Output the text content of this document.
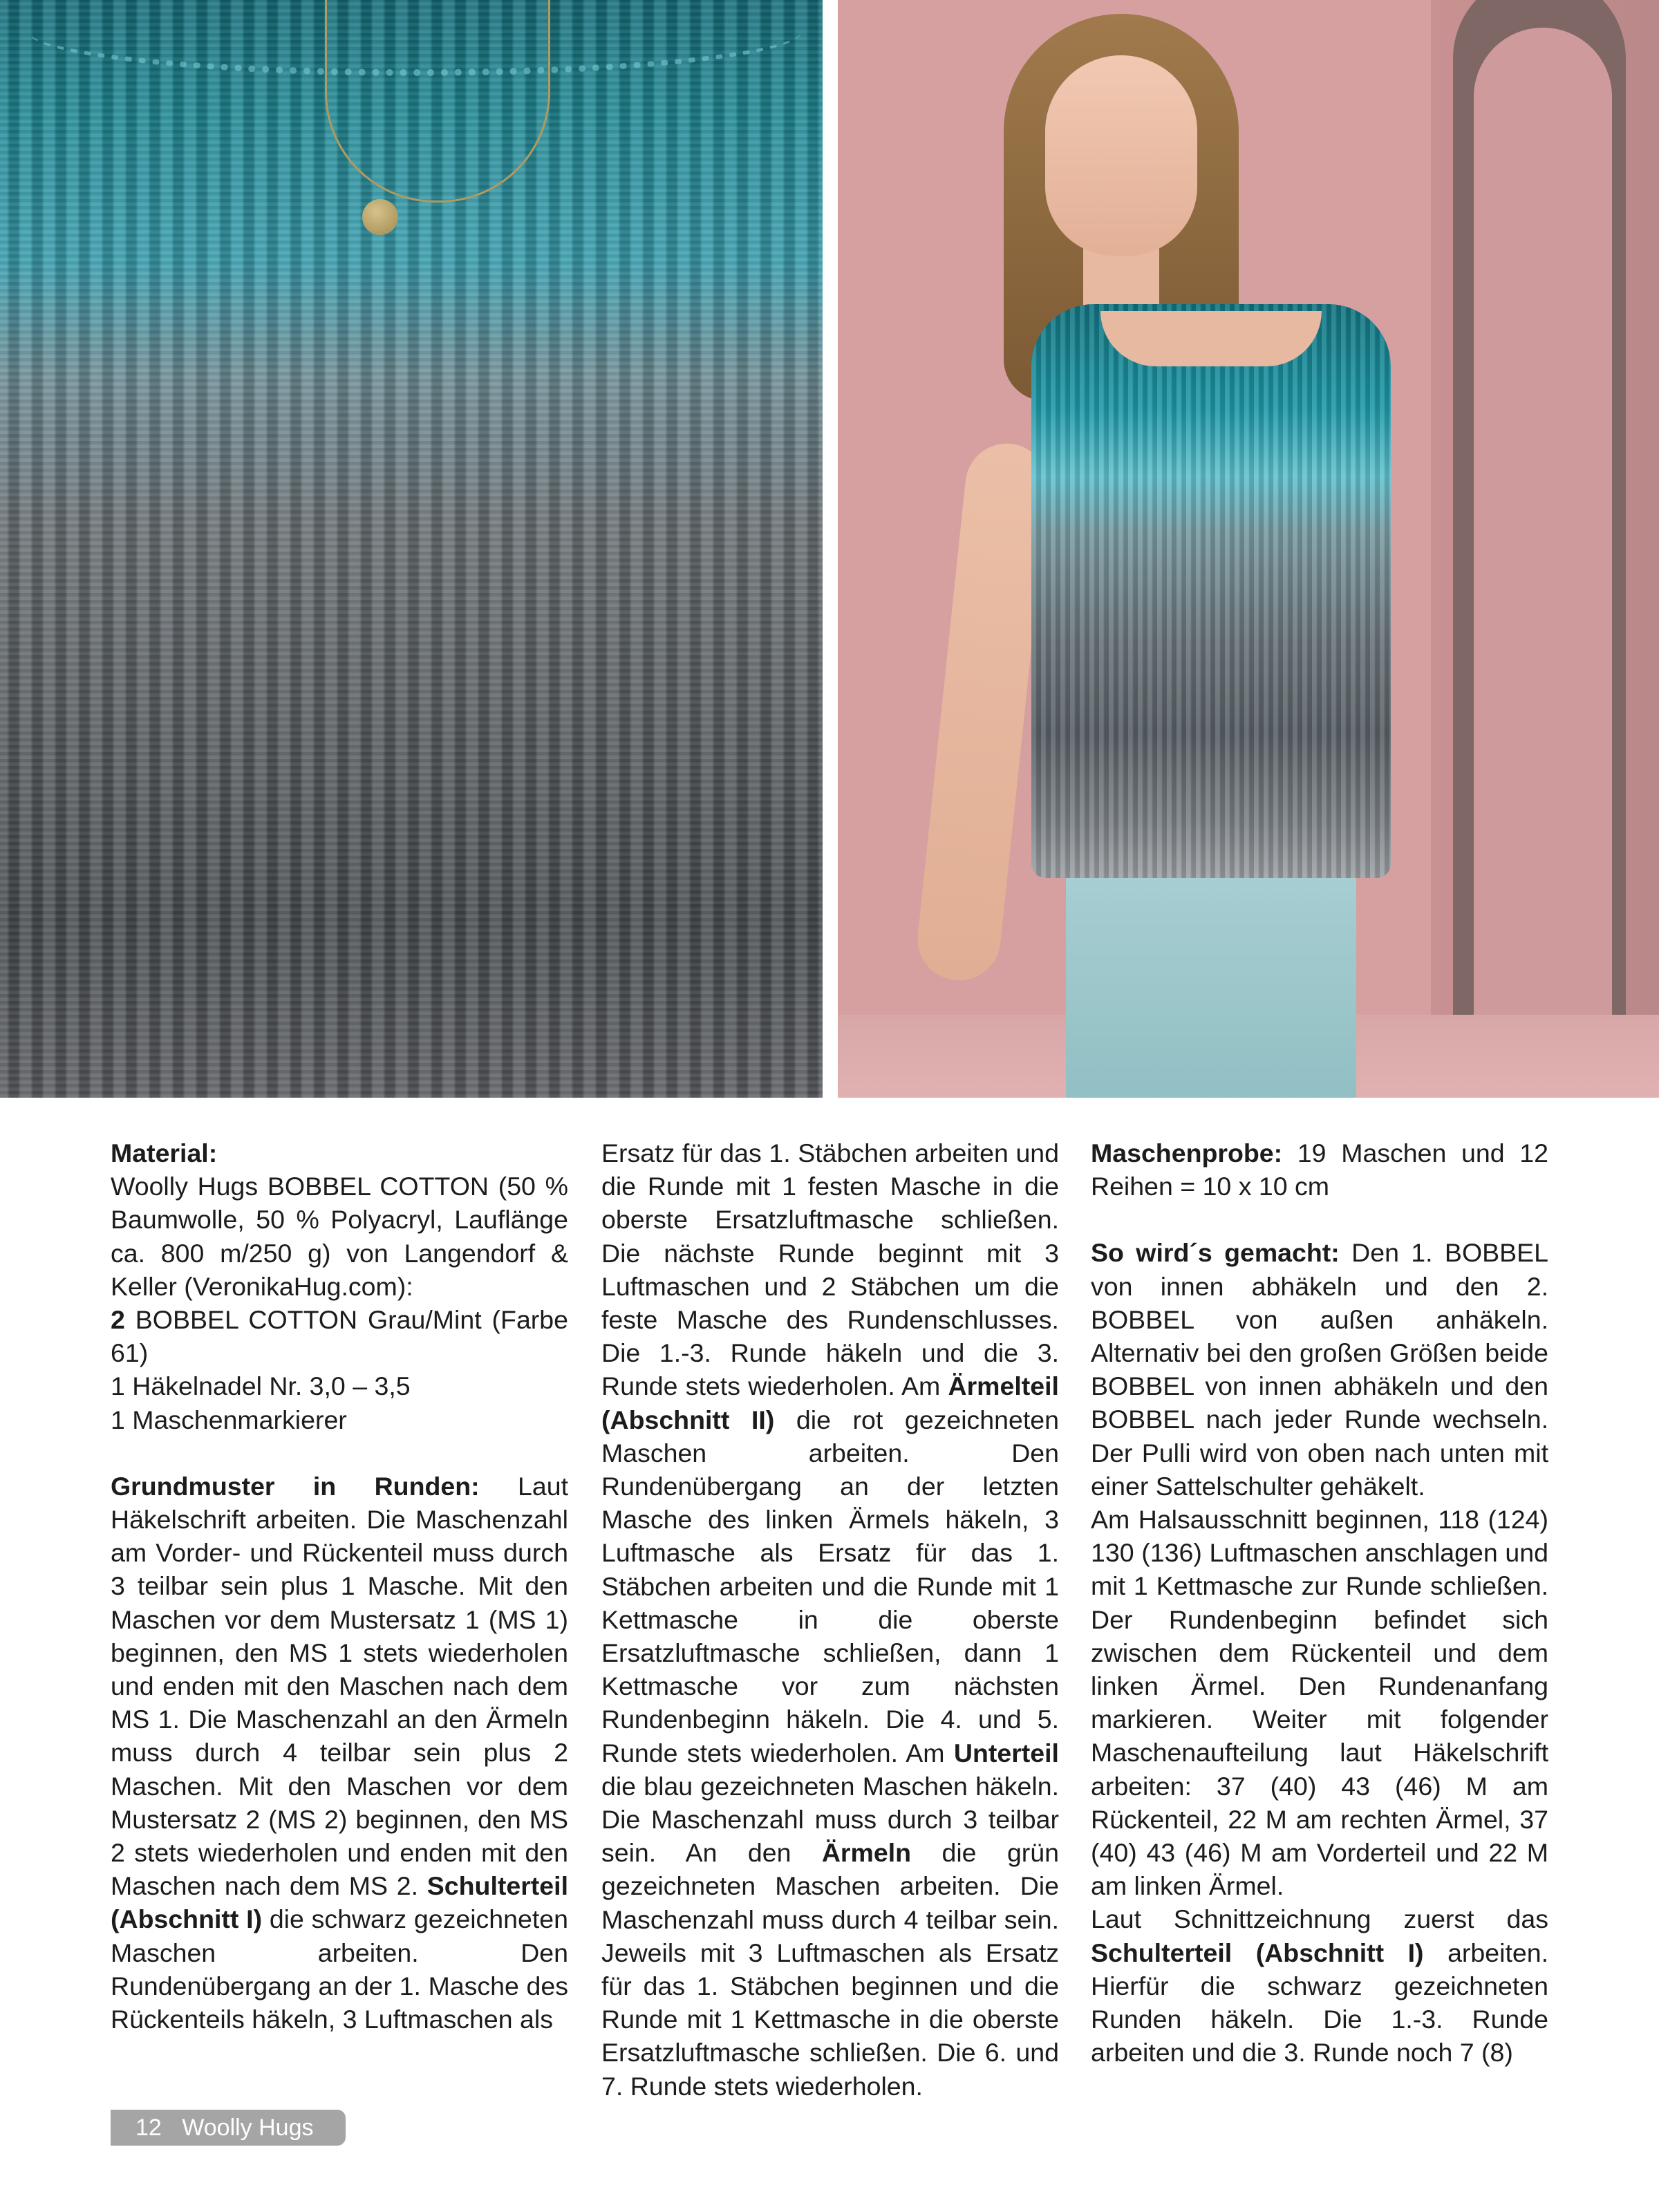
Material:
Woolly Hugs BOBBEL COTTON (50 % Baumwolle, 50 % Polyacryl, Lauflänge ca. 800 m/250 g) von Langendorf & Keller (VeronikaHug.com):
2 BOBBEL COTTON Grau/Mint (Farbe 61)
1 Häkelnadel Nr. 3,0 – 3,5
1 Maschenmarkierer

Grundmuster in Runden: Laut Häkelschrift arbeiten. Die Maschenzahl am Vorder- und Rückenteil muss durch 3 teilbar sein plus 1 Masche. Mit den Maschen vor dem Mustersatz 1 (MS 1) beginnen, den MS 1 stets wiederholen und enden mit den Maschen nach dem MS 1. Die Maschenzahl an den Ärmeln muss durch 4 teilbar sein plus 2 Maschen. Mit den Maschen vor dem Mustersatz 2 (MS 2) beginnen, den MS 2 stets wiederholen und enden mit den Maschen nach dem MS 2. Schulterteil (Abschnitt I) die schwarz gezeichneten Maschen arbeiten. Den Rundenübergang an der 1. Masche des Rückenteils häkeln, 3 Luftmaschen als

Ersatz für das 1. Stäbchen arbeiten und die Runde mit 1 festen Masche in die oberste Ersatzluftmasche schließen. Die nächste Runde beginnt mit 3 Luftmaschen und 2 Stäbchen um die feste Masche des Rundenschlusses. Die 1.-3. Runde häkeln und die 3. Runde stets wiederholen. Am Ärmelteil (Abschnitt II) die rot gezeichneten Maschen arbeiten. Den Rundenübergang an der letzten Masche des linken Ärmels häkeln, 3 Luftmasche als Ersatz für das 1. Stäbchen arbeiten und die Runde mit 1 Kettmasche in die oberste Ersatzluftmasche schließen, dann 1 Kettmasche vor zum nächsten Rundenbeginn häkeln. Die 4. und 5. Runde stets wiederholen. Am Unterteil die blau gezeichneten Maschen häkeln. Die Maschenzahl muss durch 3 teilbar sein. An den Ärmeln die grün gezeichneten Maschen arbeiten. Die Maschenzahl muss durch 4 teilbar sein. Jeweils mit 3 Luftmaschen als Ersatz für das 1. Stäbchen beginnen und die Runde mit 1 Kettmasche in die oberste Ersatzluftmasche schließen. Die 6. und 7. Runde stets wiederholen.

Maschenprobe: 19 Maschen und 12 Reihen = 10 x 10 cm

So wird´s gemacht: Den 1. BOBBEL von innen abhäkeln und den 2. BOBBEL von außen anhäkeln. Alternativ bei den großen Größen beide BOBBEL von innen abhäkeln und den BOBBEL nach jeder Runde wechseln. Der Pulli wird von oben nach unten mit einer Sattelschulter gehäkelt.

Am Halsausschnitt beginnen, 118 (124) 130 (136) Luftmaschen anschlagen und mit 1 Kettmasche zur Runde schließen. Der Rundenbeginn befindet sich zwischen dem Rückenteil und dem linken Ärmel. Den Rundenanfang markieren. Weiter mit folgender Maschenaufteilung laut Häkelschrift arbeiten: 37 (40) 43 (46) M am Rückenteil, 22 M am rechten Ärmel, 37 (40) 43 (46) M am Vorderteil und 22 M am linken Ärmel.

Laut Schnittzeichnung zuerst das Schulterteil (Abschnitt I) arbeiten. Hierfür die schwarz gezeichneten Runden häkeln. Die 1.-3. Runde arbeiten und die 3. Runde noch 7 (8)

12 Woolly Hugs
